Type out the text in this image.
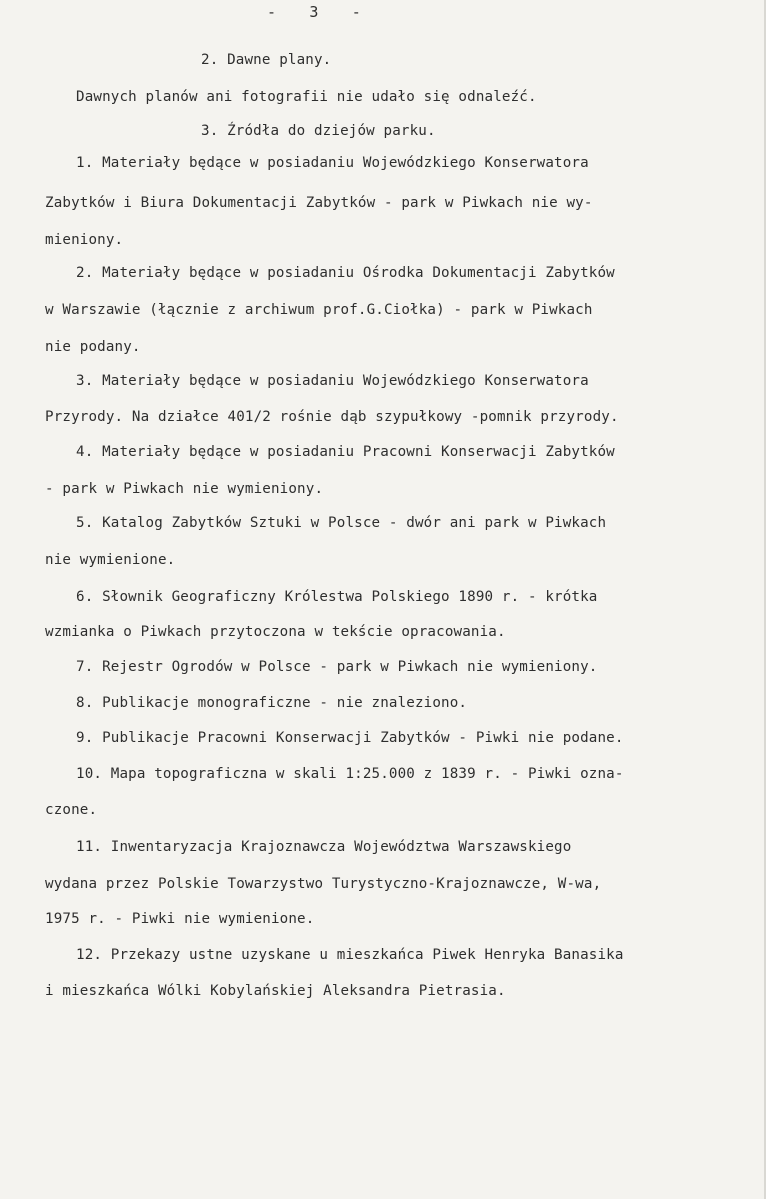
- 3 -
2. Dawne plany.
Dawnych planów ani fotografii nie udało się odnaleźć.
3. Źródła do dziejów parku.
1. Materiały będące w posiadaniu Wojewódzkiego Konserwatora
Zabytków i Biura Dokumentacji Zabytków - park w Piwkach nie wy-
mieniony.
2. Materiały będące w posiadaniu Ośrodka Dokumentacji Zabytków
w Warszawie (łącznie z archiwum prof.G.Ciołka) - park w Piwkach
nie podany.
3. Materiały będące w posiadaniu Wojewódzkiego Konserwatora
Przyrody. Na działce 401/2 rośnie dąb szypułkowy -pomnik przyrody.
4. Materiały będące w posiadaniu Pracowni Konserwacji Zabytków
- park w Piwkach nie wymieniony.
5. Katalog Zabytków Sztuki w Polsce - dwór ani park w Piwkach
nie wymienione.
6. Słownik Geograficzny Królestwa Polskiego 1890 r. - krótka
wzmianka o Piwkach przytoczona w tekście opracowania.
7. Rejestr Ogrodów w Polsce - park w Piwkach nie wymieniony.
8. Publikacje monograficzne - nie znaleziono.
9. Publikacje Pracowni Konserwacji Zabytków - Piwki nie podane.
10. Mapa topograficzna w skali 1:25.000 z 1839 r. - Piwki ozna-
czone.
11. Inwentaryzacja Krajoznawcza Województwa Warszawskiego
wydana przez Polskie Towarzystwo Turystyczno-Krajoznawcze, W-wa,
1975 r. - Piwki nie wymienione.
12. Przekazy ustne uzyskane u mieszkańca Piwek Henryka Banasika
i mieszkańca Wólki Kobylańskiej Aleksandra Pietrasia.
